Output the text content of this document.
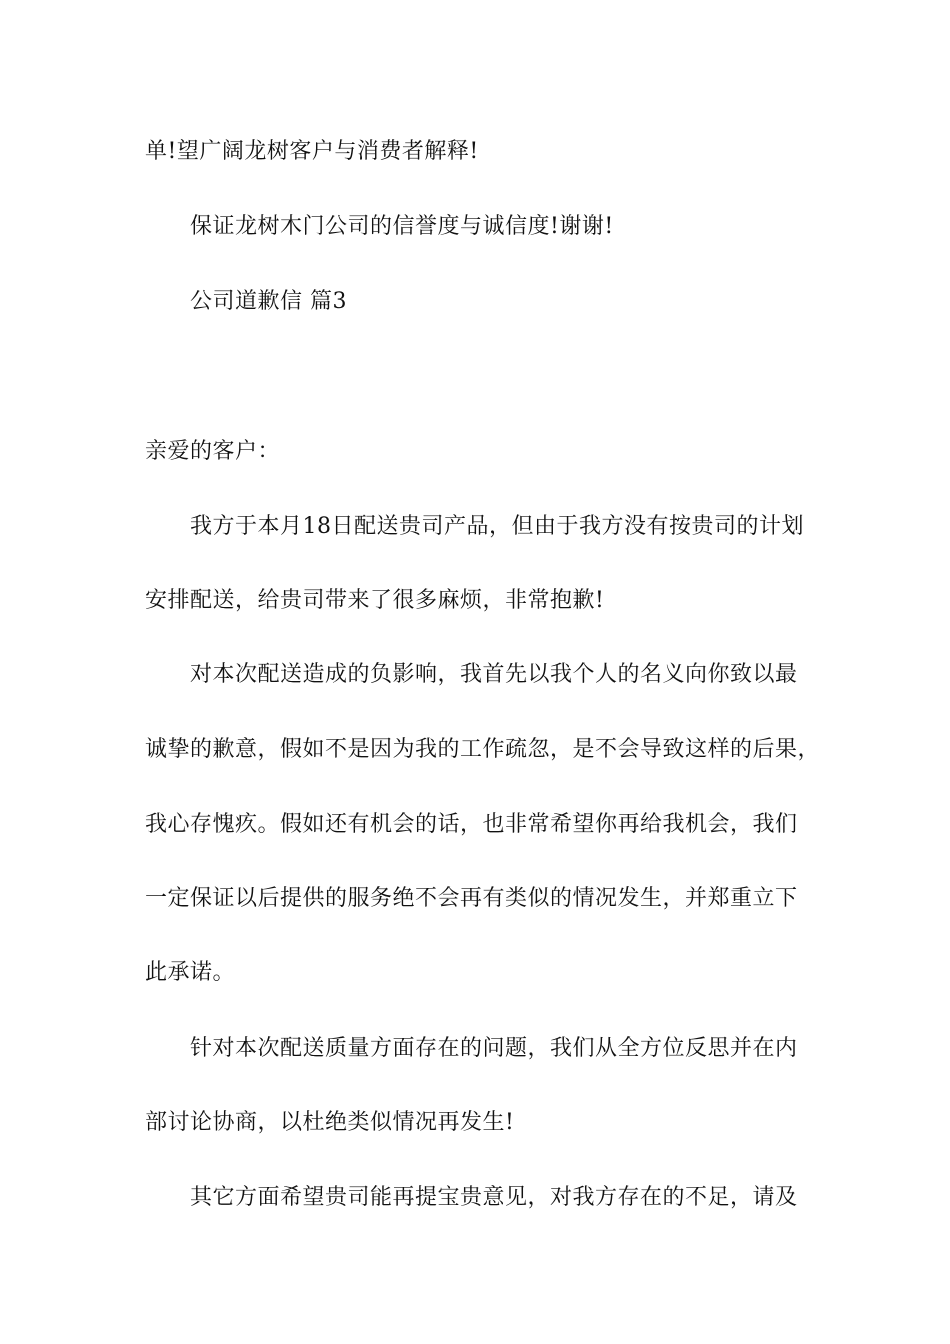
单!望广阔龙树客户与消费者解释!
保证龙树木门公司的信誉度与诚信度!谢谢!
公司道歉信 篇3
亲爱的客户：
我方于本月18日配送贵司产品，但由于我方没有按贵司的计划
安排配送，给贵司带来了很多麻烦，非常抱歉!
对本次配送造成的负影响，我首先以我个人的名义向你致以最
诚挚的歉意，假如不是因为我的工作疏忽，是不会导致这样的后果，
我心存愧疚。假如还有机会的话，也非常希望你再给我机会，我们
一定保证以后提供的服务绝不会再有类似的情况发生，并郑重立下
此承诺。
针对本次配送质量方面存在的问题，我们从全方位反思并在内
部讨论协商，以杜绝类似情况再发生!
其它方面希望贵司能再提宝贵意见，对我方存在的不足，请及
